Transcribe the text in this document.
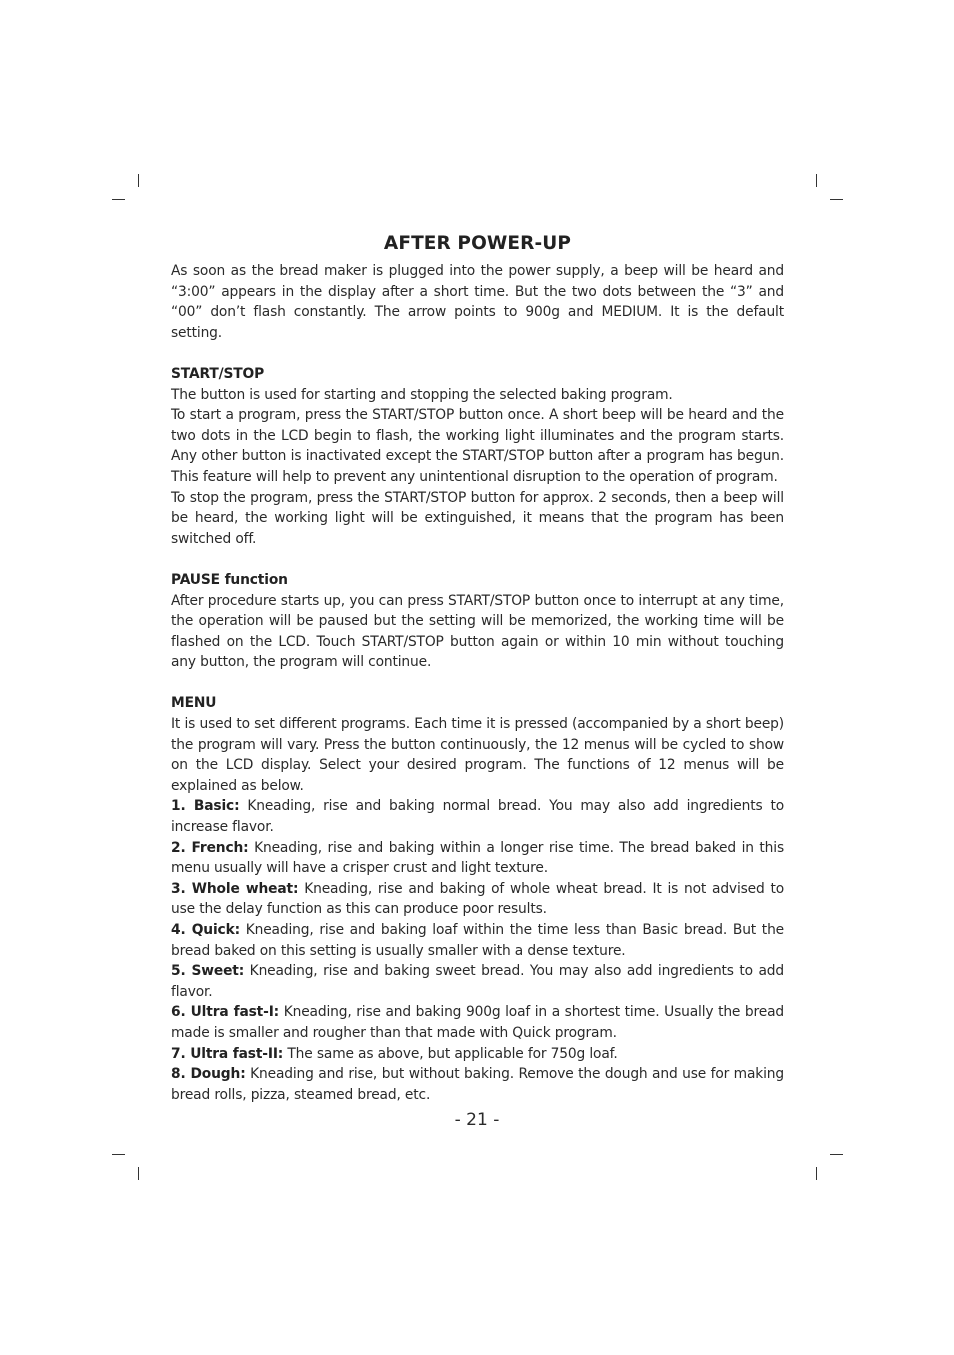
AFTER POWER-UP

As soon as the bread maker is plugged into the power supply, a beep will be heard and “3:00” appears in the display after a short time. But the two dots between the “3” and “00” don’t flash constantly. The arrow points to 900g and MEDIUM. It is the default setting.

START/STOP

The button is used for starting and stopping the selected baking program.

To start a program, press the START/STOP button once. A short beep will be heard and the two dots in the LCD begin to flash, the working light illuminates and the program starts. Any other button is inactivated except the START/STOP button after a program has begun. This feature will help to prevent any unintentional disruption to the operation of program.

To stop the program, press the START/STOP button for approx. 2 seconds, then a beep will be heard, the working light will be extinguished, it means that the program has been switched off.

PAUSE function

After procedure starts up, you can press START/STOP button once to interrupt at any time, the operation will be paused but the setting will be memorized, the working time will be flashed on the LCD. Touch START/STOP button again or within 10 min without touching any button, the program will continue.

MENU

It is used to set different programs. Each time it is pressed (accompanied by a short beep) the program will vary. Press the button continuously, the 12 menus will be cycled to show on the LCD display. Select your desired program. The functions of 12 menus will be explained as below.

1. Basic: Kneading, rise and baking normal bread. You may also add ingredients to increase flavor.

2. French: Kneading, rise and baking within a longer rise time. The bread baked in this menu usually will have a crisper crust and light texture.

3. Whole wheat: Kneading, rise and baking of whole wheat bread. It is not advised to use the delay function as this can produce poor results.

4. Quick: Kneading, rise and baking loaf within the time less than Basic bread. But the bread baked on this setting is usually smaller with a dense texture.

5. Sweet: Kneading, rise and baking sweet bread. You may also add ingredients to add flavor.

6. Ultra fast-I: Kneading, rise and baking 900g loaf in a shortest time. Usually the bread made is smaller and rougher than that made with Quick program.

7. Ultra fast-II: The same as above, but applicable for 750g loaf.

8. Dough: Kneading and rise, but without baking. Remove the dough and use for making bread rolls, pizza, steamed bread, etc.

- 21 -
